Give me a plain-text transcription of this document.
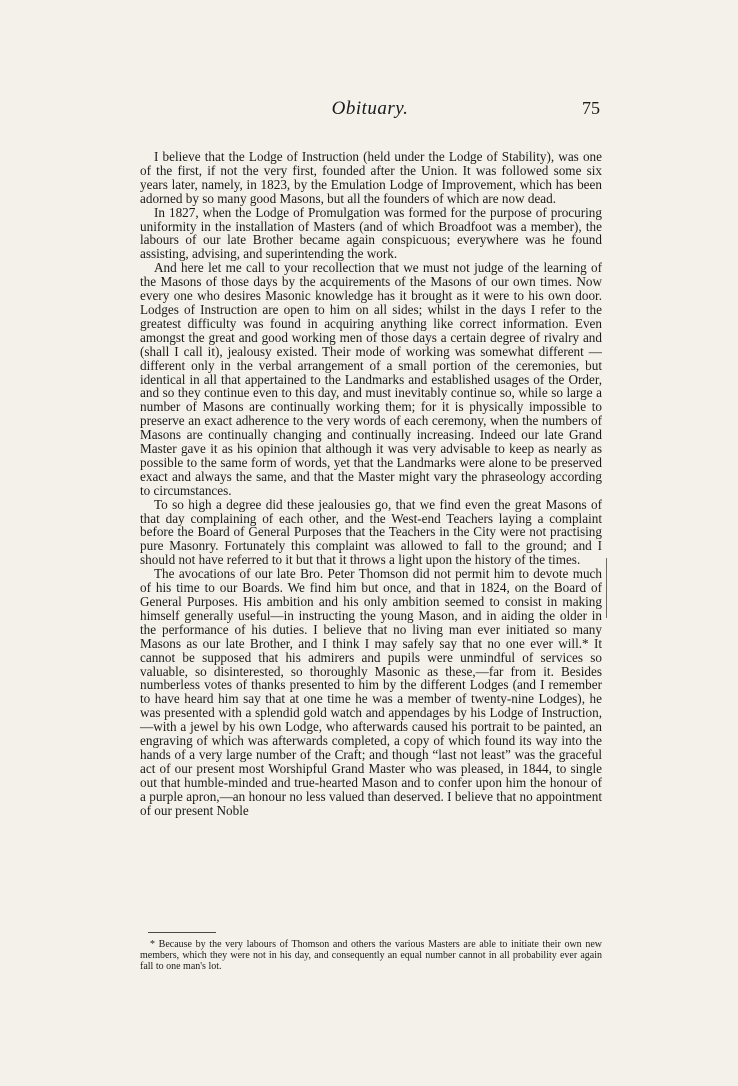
Obituary.	75

I believe that the Lodge of Instruction (held under the Lodge of Stability), was one of the first, if not the very first, founded after the Union. It was followed some six years later, namely, in 1823, by the Emulation Lodge of Improvement, which has been adorned by so many good Masons, but all the founders of which are now dead.

In 1827, when the Lodge of Promulgation was formed for the purpose of procuring uniformity in the installation of Masters (and of which Broadfoot was a member), the labours of our late Brother became again conspicuous; everywhere was he found assisting, advising, and superintending the work.

And here let me call to your recollection that we must not judge of the learning of the Masons of those days by the acquirements of the Masons of our own times. Now every one who desires Masonic knowledge has it brought as it were to his own door. Lodges of Instruction are open to him on all sides; whilst in the days I refer to the greatest difficulty was found in acquiring anything like correct information. Even amongst the great and good working men of those days a certain degree of rivalry and (shall I call it), jealousy existed. Their mode of working was somewhat different —different only in the verbal arrangement of a small portion of the ceremonies, but identical in all that appertained to the Landmarks and established usages of the Order, and so they continue even to this day, and must inevitably continue so, while so large a number of Masons are continually working them; for it is physically impossible to preserve an exact adherence to the very words of each ceremony, when the numbers of Masons are continually changing and continually increasing. Indeed our late Grand Master gave it as his opinion that although it was very advisable to keep as nearly as possible to the same form of words, yet that the Landmarks were alone to be preserved exact and always the same, and that the Master might vary the phraseology according to circumstances.

To so high a degree did these jealousies go, that we find even the great Masons of that day complaining of each other, and the West-end Teachers laying a complaint before the Board of General Purposes that the Teachers in the City were not practising pure Masonry. Fortunately this complaint was allowed to fall to the ground; and I should not have referred to it but that it throws a light upon the history of the times.

The avocations of our late Bro. Peter Thomson did not permit him to devote much of his time to our Boards. We find him but once, and that in 1824, on the Board of General Purposes. His ambition and his only ambition seemed to consist in making himself generally useful—in instructing the young Mason, and in aiding the older in the performance of his duties. I believe that no living man ever initiated so many Masons as our late Brother, and I think I may safely say that no one ever will.* It cannot be supposed that his admirers and pupils were unmindful of services so valuable, so disinterested, so thoroughly Masonic as these,—far from it. Besides numberless votes of thanks presented to him by the different Lodges (and I remember to have heard him say that at one time he was a member of twenty-nine Lodges), he was presented with a splendid gold watch and appendages by his Lodge of Instruction,—with a jewel by his own Lodge, who afterwards caused his portrait to be painted, an engraving of which was afterwards completed, a copy of which found its way into the hands of a very large number of the Craft; and though “last not least” was the graceful act of our present most Worshipful Grand Master who was pleased, in 1844, to single out that humble-minded and true-hearted Mason and to confer upon him the honour of a purple apron,—an honour no less valued than deserved. I believe that no appointment of our present Noble

* Because by the very labours of Thomson and others the various Masters are able to initiate their own new members, which they were not in his day, and consequently an equal number cannot in all probability ever again fall to one man's lot.
